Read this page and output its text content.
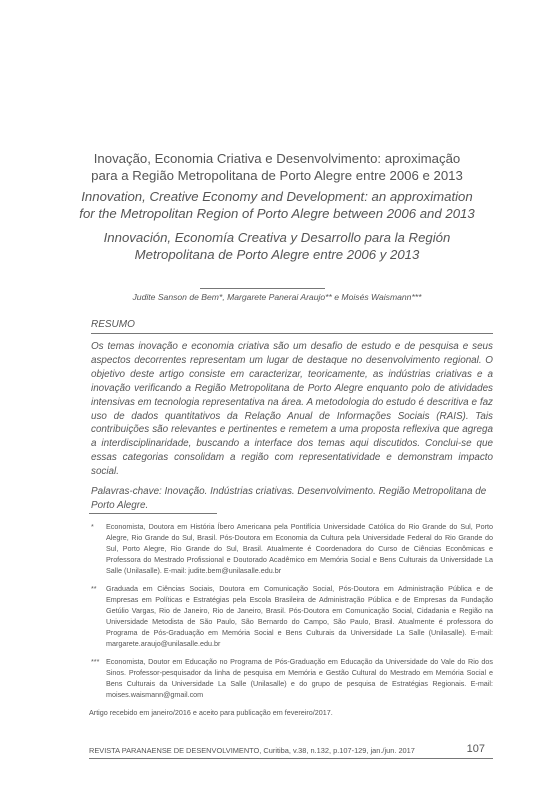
Inovação, Economia Criativa e Desenvolvimento: aproximação
para a Região Metropolitana de Porto Alegre entre 2006 e 2013

Innovation, Creative Economy and Development: an approximation
for the Metropolitan Region of Porto Alegre between 2006 and 2013

Innovación, Economía Creativa y Desarrollo para la Región
Metropolitana de Porto Alegre entre 2006 y 2013

Judite Sanson de Bem*, Margarete Panerai Araujo** e Moisés Waismann***

RESUMO

Os temas inovação e economia criativa são um desafio de estudo e de pesquisa e seus aspectos decorrentes representam um lugar de destaque no desenvolvimento regional. O objetivo deste artigo consiste em caracterizar, teoricamente, as indústrias criativas e a inovação verificando a Região Metropolitana de Porto Alegre enquanto polo de atividades intensivas em tecnologia representativa na área. A metodologia do estudo é descritiva e faz uso de dados quantitativos da Relação Anual de Informações Sociais (RAIS). Tais contribuições são relevantes e pertinentes e remetem a uma proposta reflexiva que agrega a interdisciplinaridade, buscando a interface dos temas aqui discutidos. Conclui-se que essas categorias consolidam a região com representatividade e demonstram impacto social.

Palavras-chave: Inovação. Indústrias criativas. Desenvolvimento. Região Metropolitana de Porto Alegre.

* Economista, Doutora em História Íbero Americana pela Pontifícia Universidade Católica do Rio Grande do Sul, Porto Alegre, Rio Grande do Sul, Brasil. Pós-Doutora em Economia da Cultura pela Universidade Federal do Rio Grande do Sul, Porto Alegre, Rio Grande do Sul, Brasil. Atualmente é Coordenadora do Curso de Ciências Econômicas e Professora do Mestrado Profissional e Doutorado Acadêmico em Memória Social e Bens Culturais da Universidade La Salle (Unilasalle). E-mail: judite.bem@unilasalle.edu.br
** Graduada em Ciências Sociais, Doutora em Comunicação Social, Pós-Doutora em Administração Pública e de Empresas em Políticas e Estratégias pela Escola Brasileira de Administração Pública e de Empresas da Fundação Getúlio Vargas, Rio de Janeiro, Rio de Janeiro, Brasil. Pós-Doutora em Comunicação Social, Cidadania e Região na Universidade Metodista de São Paulo, São Bernardo do Campo, São Paulo, Brasil. Atualmente é professora do Programa de Pós-Graduação em Memória Social e Bens Culturais da Universidade La Salle (Unilasalle). E-mail: margarete.araujo@unilasalle.edu.br
*** Economista, Doutor em Educação no Programa de Pós-Graduação em Educação da Universidade do Vale do Rio dos Sinos. Professor-pesquisador da linha de pesquisa em Memória e Gestão Cultural do Mestrado em Memória Social e Bens Culturais da Universidade La Salle (Unilasalle) e do grupo de pesquisa de Estratégias Regionais. E-mail: moises.waismann@gmail.com

Artigo recebido em janeiro/2016 e aceito para publicação em fevereiro/2017.

REVISTA PARANAENSE DE DESENVOLVIMENTO, Curitiba, v.38, n.132, p.107-129, jan./jun. 2017	107
